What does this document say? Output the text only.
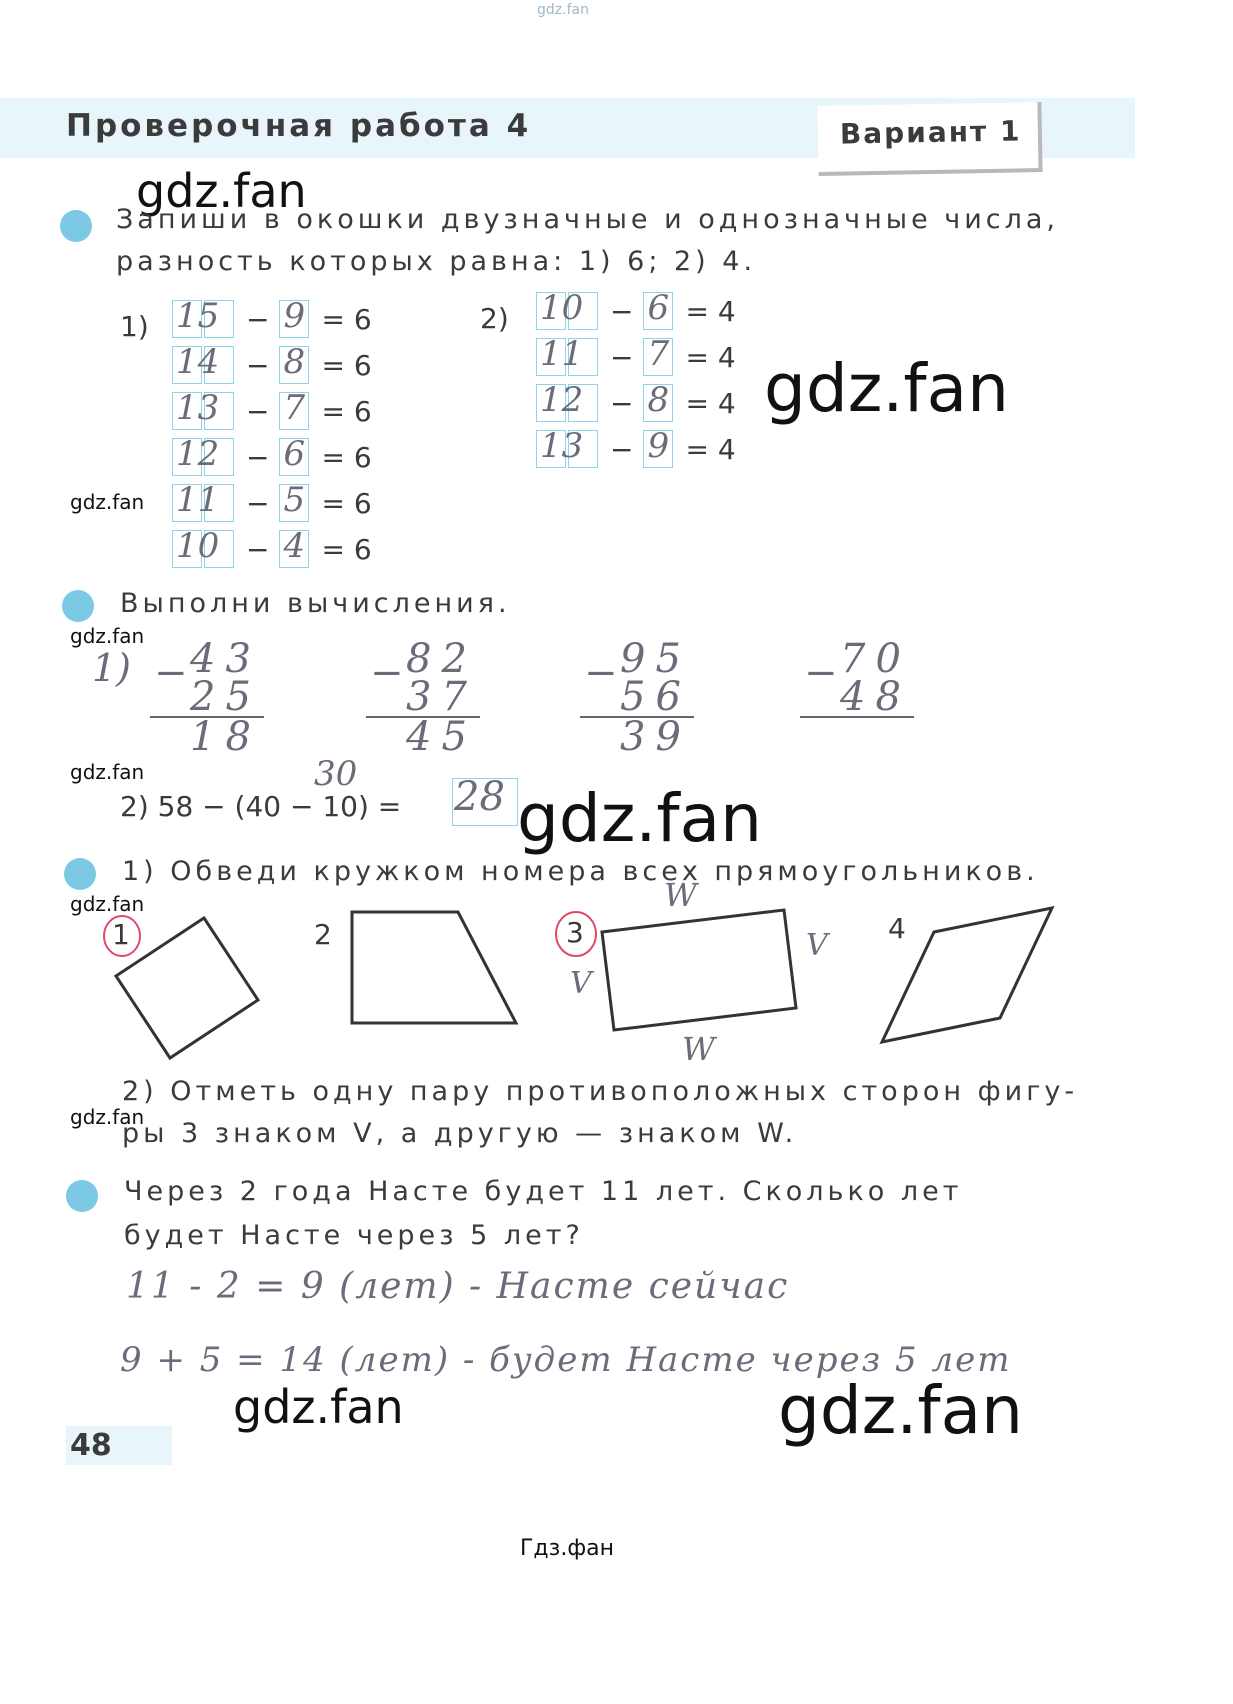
gdz.fan
Проверочная работа 4	Вариант 1
gdz.fan
gdz.fan
gdz.fan
gdz.fan
gdz.fan
gdz.fan
gdz.fan
gdz.fan
gdz.fan	gdz.fan
Запиши в окошки двузначные и однозначные числа,
разность которых равна: 1) 6; 2) 4.
1)	2)
15 − 9 = 6
14 − 8 = 6
13 − 7 = 6
12 − 6 = 6
11 − 5 = 6
10 − 4 = 6
10 − 6 = 4
11 − 7 = 4
12 − 8 = 4
13 − 9 = 4
Выполни вычисления.
1)	43
−
25
18
82
−
37
45
95
−
56
39
70
−
48
2) 58 − (40 − 10) =
30 28
1) Обведи кружком номера всех прямоугольников.
1	2	3	4
W
W
V
V
2) Отметь одну пару противоположных сторон фигу-
ры 3 знаком V, а другую — знаком W.
Через 2 года Насте будет 11 лет. Сколько лет
будет Насте через 5 лет?
11 - 2 = 9 (лет) - Насте сейчас
9 + 5 = 14 (лет) - будет Насте через 5 лет
48
Гдз.фан
